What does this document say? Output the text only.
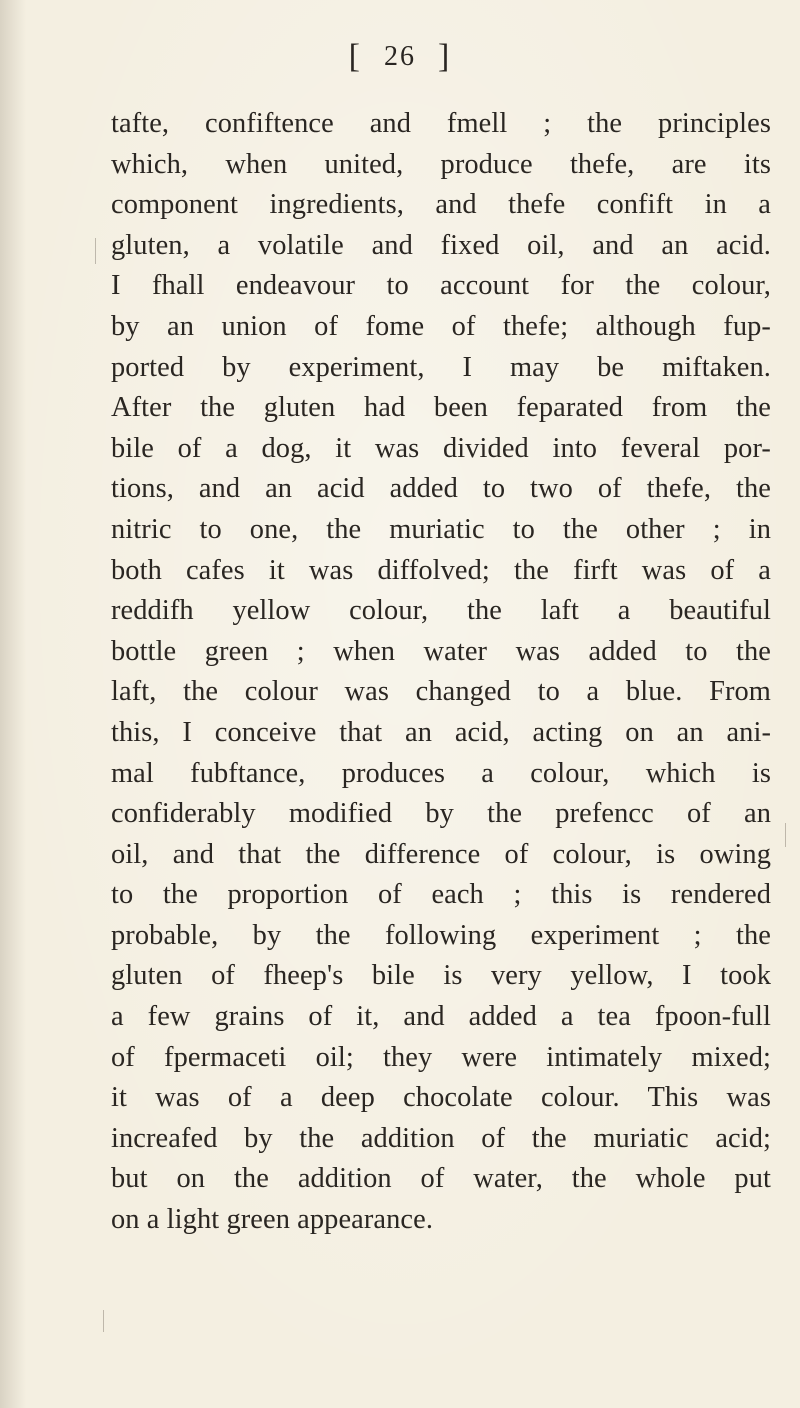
[ 26 ]
tafte, confiftence and fmell ; the principles
which, when united, produce thefe, are its
component ingredients, and thefe confift in a
gluten, a volatile and fixed oil, and an acid.
I fhall endeavour to account for the colour,
by an union of fome of thefe; although fup-
ported by experiment, I may be miftaken.
After the gluten had been feparated from the
bile of a dog, it was divided into feveral por-
tions, and an acid added to two of thefe, the
nitric to one, the muriatic to the other ; in
both cafes it was diffolved; the firft was of a
reddifh yellow colour, the laft a beautiful
bottle green ; when water was added to the
laft, the colour was changed to a blue. From
this, I conceive that an acid, acting on an ani-
mal fubftance, produces a colour, which is
confiderably modified by the prefencc of an
oil, and that the difference of colour, is owing
to the proportion of each ; this is rendered
probable, by the following experiment ; the
gluten of fheep's bile is very yellow, I took
a few grains of it, and added a tea fpoon-full
of fpermaceti oil; they were intimately mixed;
it was of a deep chocolate colour. This was
increafed by the addition of the muriatic acid;
but on the addition of water, the whole put
on a light green appearance.
